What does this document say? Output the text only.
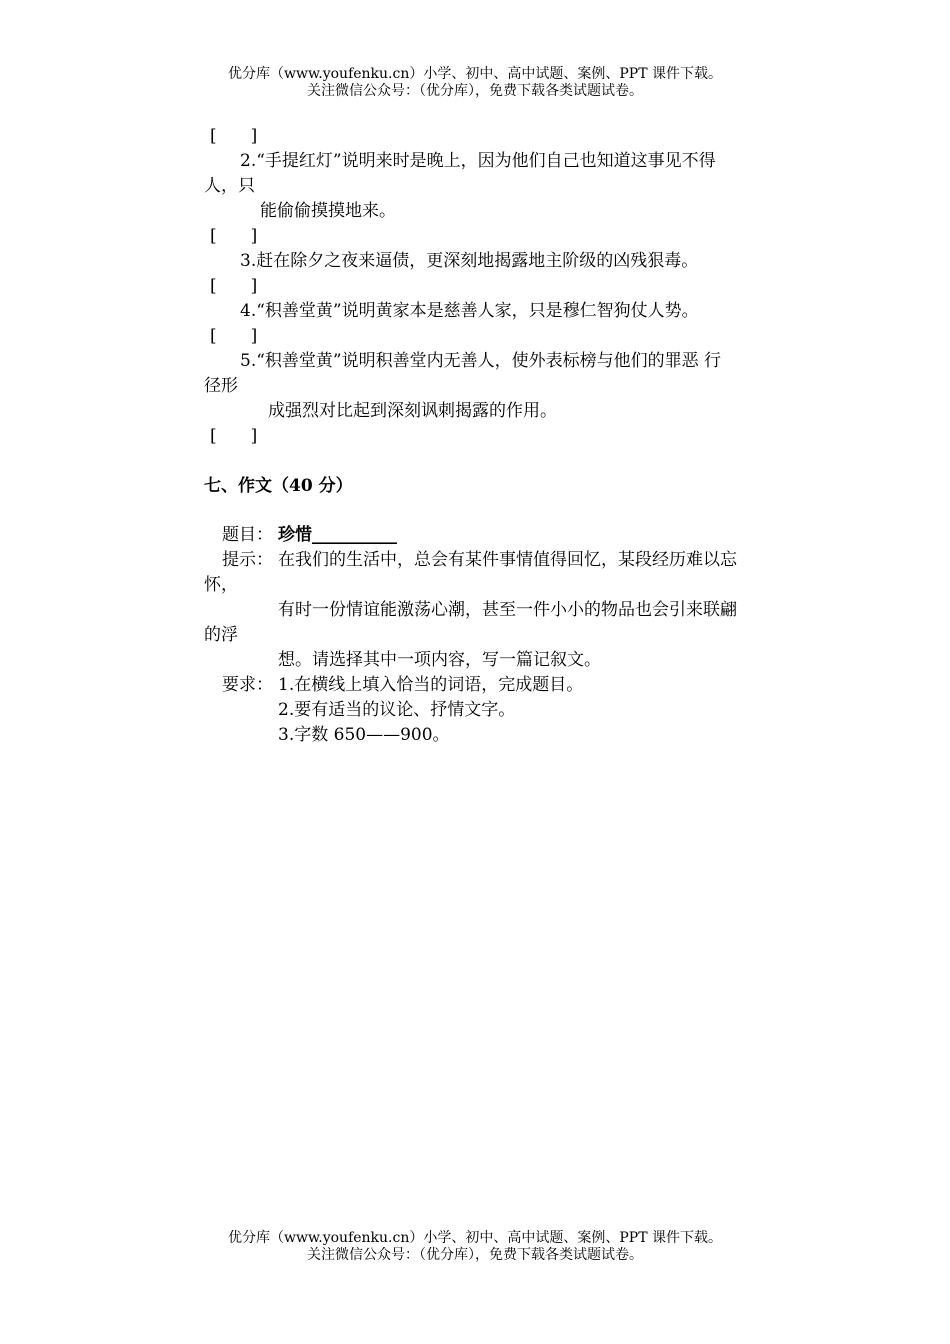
优分库（www.youfenku.cn）小学、初中、高中试题、案例、PPT 课件下载。
关注微信公众号：（优分库），免费下载各类试题试卷。
[　　]
2.“手提红灯”说明来时是晚上，因为他们自己也知道这事见不得
人，只
能偷偷摸摸地来。
[　　]
3.赶在除夕之夜来逼债，更深刻地揭露地主阶级的凶残狠毒。
[　　]
4.“积善堂黄”说明黄家本是慈善人家，只是穆仁智狗仗人势。
[　　]
5.“积善堂黄”说明积善堂内无善人，使外表标榜与他们的罪恶 行
径形
成强烈对比起到深刻讽刺揭露的作用。
[　　]
七、作文（40 分）
题目： 珍惜__________
提示： 在我们的生活中，总会有某件事情值得回忆，某段经历难以忘
怀，
有时一份情谊能激荡心潮，甚至一件小小的物品也会引来联翩
的浮
想。请选择其中一项内容，写一篇记叙文。
要求： 1.在横线上填入恰当的词语，完成题目。
2.要有适当的议论、抒情文字。
3.字数 650——900。
优分库（www.youfenku.cn）小学、初中、高中试题、案例、PPT 课件下载。
关注微信公众号：（优分库），免费下载各类试题试卷。
